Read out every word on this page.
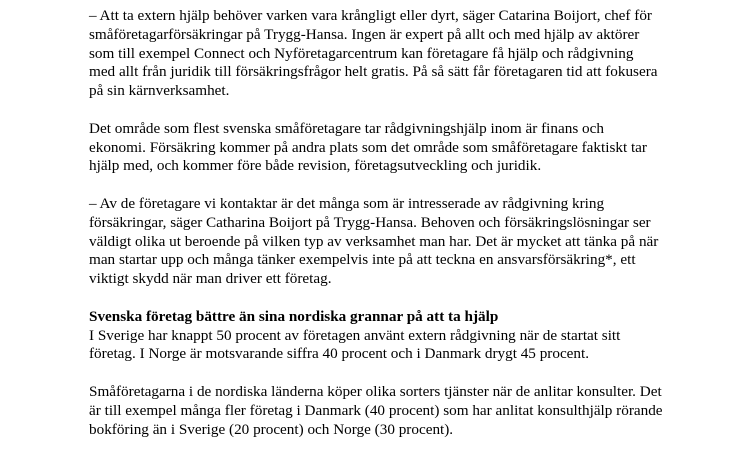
– Att ta extern hjälp behöver varken vara krångligt eller dyrt, säger Catarina Boijort, chef för
småföretagarförsäkringar på Trygg-Hansa. Ingen är expert på allt och med hjälp av aktörer
som till exempel Connect och Nyföretagarcentrum kan företagare få hjälp och rådgivning
med allt från juridik till försäkringsfrågor helt gratis. På så sätt får företagaren tid att fokusera
på sin kärnverksamhet.
Det område som flest svenska småföretagare tar rådgivningshjälp inom är finans och
ekonomi. Försäkring kommer på andra plats som det område som småföretagare faktiskt tar
hjälp med, och kommer före både revision, företagsutveckling och juridik.
– Av de företagare vi kontaktar är det många som är intresserade av rådgivning kring
försäkringar, säger Catharina Boijort på Trygg-Hansa. Behoven och försäkringslösningar ser
väldigt olika ut beroende på vilken typ av verksamhet man har. Det är mycket att tänka på när
man startar upp och många tänker exempelvis inte på att teckna en ansvarsförsäkring*, ett
viktigt skydd när man driver ett företag.
Svenska företag bättre än sina nordiska grannar på att ta hjälp
I Sverige har knappt 50 procent av företagen använt extern rådgivning när de startat sitt
företag. I Norge är motsvarande siffra 40 procent och i Danmark drygt 45 procent.
Småföretagarna i de nordiska länderna köper olika sorters tjänster när de anlitar konsulter. Det
är till exempel många fler företag i Danmark (40 procent) som har anlitat konsulthjälp rörande
bokföring än i Sverige (20 procent) och Norge (30 procent).
